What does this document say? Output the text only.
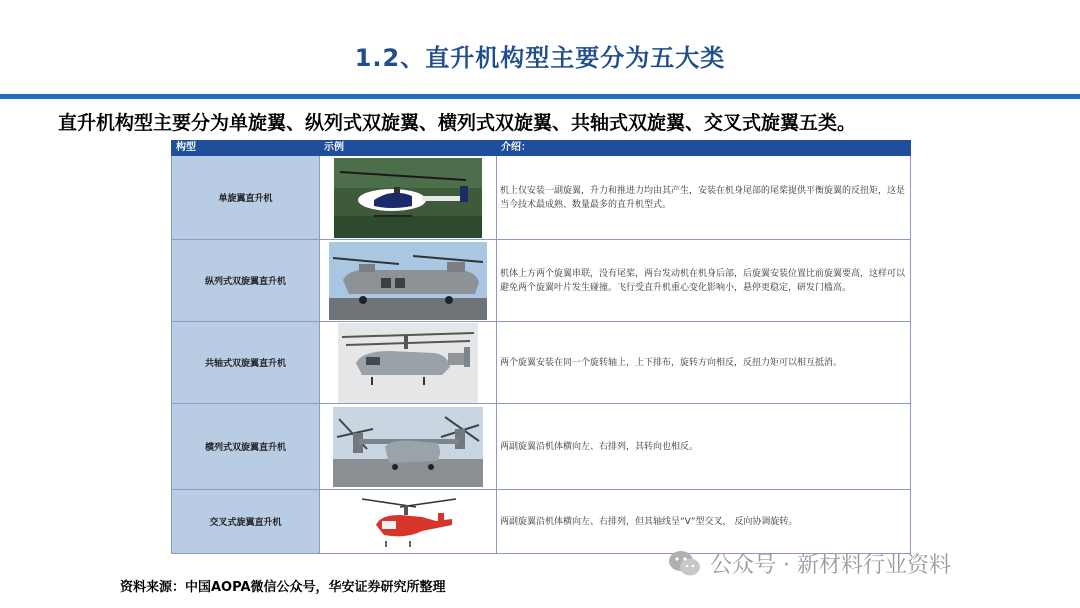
1.2、直升机构型主要分为五大类
直升机构型主要分为单旋翼、纵列式双旋翼、横列式双旋翼、共轴式双旋翼、交叉式旋翼五类。
构型	示例	介绍：
单旋翼直升机		机上仅安装一副旋翼，升力和推进力均由其产生，安装在机身尾部的尾桨提供平衡旋翼的反扭矩，这是当今技术最成熟、数量最多的直升机型式。
纵列式双旋翼直升机		机体上方两个旋翼串联，没有尾桨，两台发动机在机身后部，后旋翼安装位置比前旋翼要高，这样可以避免两个旋翼叶片发生碰撞。飞行受直升机重心变化影响小，悬停更稳定，研发门槛高。
共轴式双旋翼直升机		两个旋翼安装在同一个旋转轴上，上下排布，旋转方向相反，反扭力矩可以相互抵消。
横列式双旋翼直升机		两副旋翼沿机体横向左、右排列，其转向也相反。
交叉式旋翼直升机		两副旋翼沿机体横向左、右排列，但其轴线呈“V”型交叉， 反向协调旋转。
资料来源：中国AOPA微信公众号，华安证券研究所整理
公众号 · 新材料行业资料
